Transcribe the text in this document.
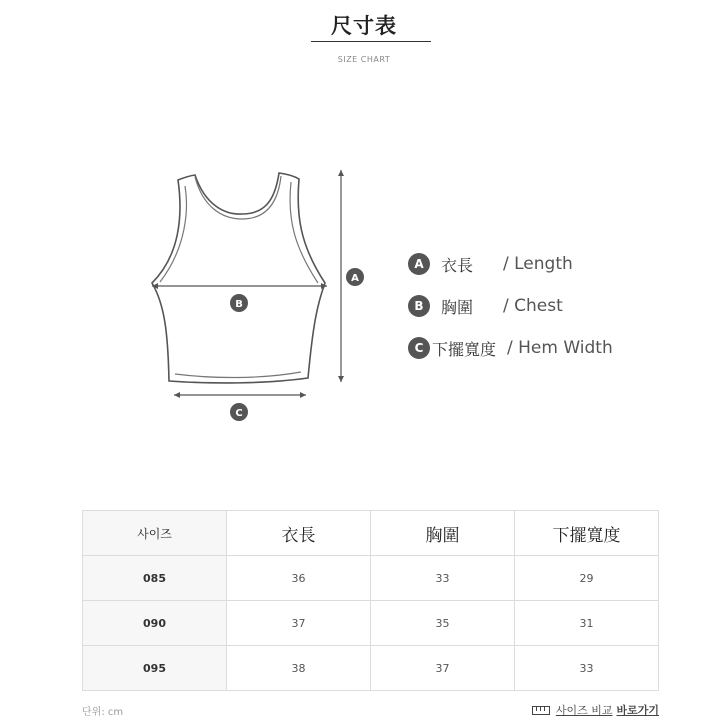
尺寸表
SIZE CHART
A
B
C
A	衣長	/ Length
B	胸圍	/ Chest
C 下擺寬度 / Hem Width
사이즈	衣長	胸圍	下擺寬度
085	36	33	29
090	37	35	31
095	38	37	33
단위: cm	사이즈 비교 바로가기
